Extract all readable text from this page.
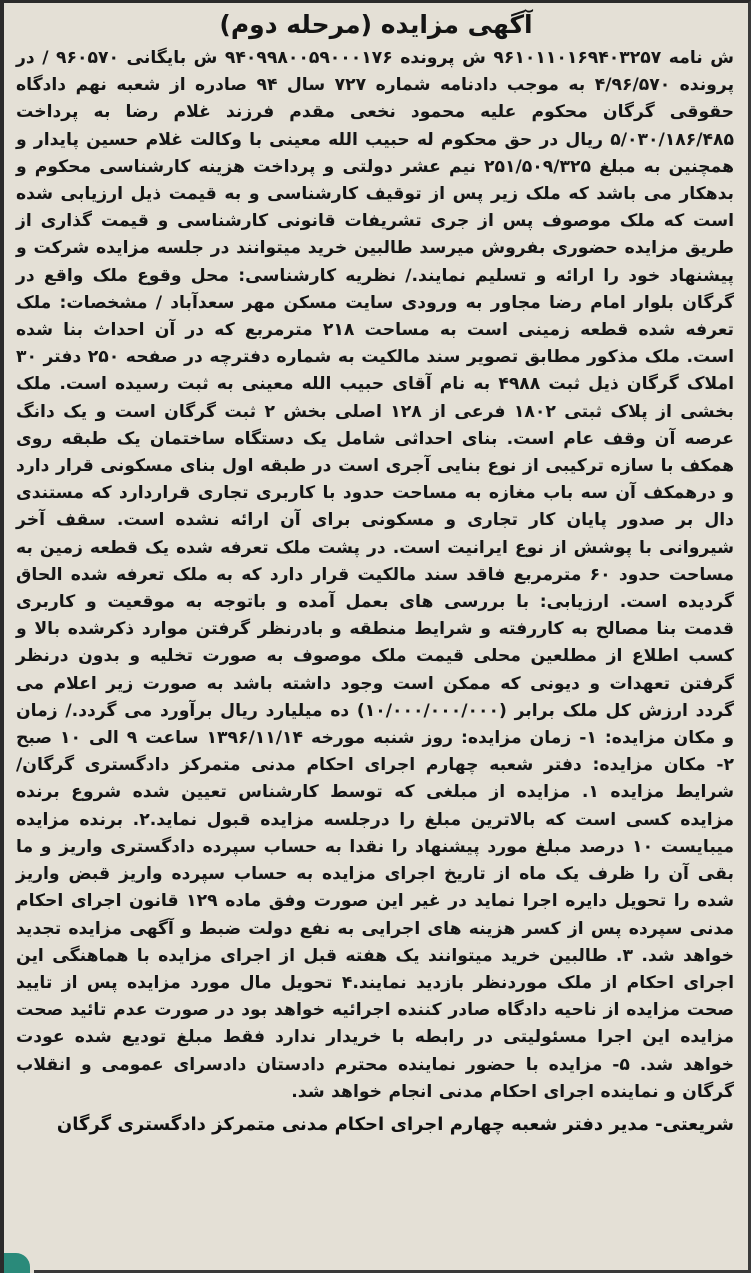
آگهی مزایده (مرحله دوم)

ش نامه ۹۶۱۰۱۱۰۱۶۹۴۰۳۲۵۷ ش پرونده ۹۴۰۹۹۸۰۰۵۹۰۰۰۱۷۶ ش بایگانی ۹۶۰۵۷۰ / در پرونده ۴/۹۶/۵۷۰ به موجب دادنامه شماره ۷۲۷ سال ۹۴ صادره از شعبه نهم دادگاه حقوقی گرگان محکوم علیه محمود نخعی مقدم فرزند غلام رضا به پرداخت ۵/۰۳۰/۱۸۶/۴۸۵ ریال در حق محکوم له حبیب الله معینی با وکالت غلام حسین پایدار و همچنین به مبلغ ۲۵۱/۵۰۹/۳۲۵ نیم عشر دولتی و پرداخت هزینه کارشناسی محکوم و بدهکار می باشد که ملک زیر پس از توقیف کارشناسی و به قیمت ذیل ارزیابی شده است که ملک موصوف پس از جری تشریفات قانونی کارشناسی و قیمت گذاری از طریق مزایده حضوری بفروش میرسد طالبین خرید میتوانند در جلسه مزایده شرکت و پیشنهاد خود را ارائه و تسلیم نمایند./ نظریه کارشناسی: محل وقوع ملک واقع در گرگان بلوار امام رضا مجاور به ورودی سایت مسکن مهر سعدآباد / مشخصات: ملک تعرفه شده قطعه زمینی است به مساحت ۲۱۸ مترمربع که در آن احداث بنا شده است. ملک مذکور مطابق تصویر سند مالکیت به شماره دفترچه در صفحه ۲۵۰ دفتر ۳۰ املاک گرگان ذیل ثبت ۴۹۸۸ به نام آقای حبیب الله معینی به ثبت رسیده است. ملک بخشی از پلاک ثبتی ۱۸۰۲ فرعی از ۱۲۸ اصلی بخش ۲ ثبت گرگان است و یک دانگ عرصه آن وقف عام است. بنای احداثی شامل یک دستگاه ساختمان یک طبقه روی همکف با سازه ترکیبی از نوع بنایی آجری است در طبقه اول بنای مسکونی قرار دارد و درهمکف آن سه باب مغازه به مساحت حدود با کاربری تجاری قراردارد که مستندی دال بر صدور پایان کار تجاری و مسکونی برای آن ارائه نشده است. سقف آخر شیروانی با پوشش از نوع ایرانیت است. در پشت ملک تعرفه شده یک قطعه زمین به مساحت حدود ۶۰ مترمربع فاقد سند مالکیت قرار دارد که به ملک تعرفه شده الحاق گردیده است. ارزیابی: با بررسی های بعمل آمده و باتوجه به موقعیت و کاربری قدمت بنا مصالح به کاررفته و شرایط منطقه و بادرنظر گرفتن موارد ذکرشده بالا و کسب اطلاع از مطلعین محلی قیمت ملک موصوف به صورت تخلیه و بدون درنظر گرفتن تعهدات و دیونی که ممکن است وجود داشته باشد به صورت زیر اعلام می گردد ارزش کل ملک برابر (۱۰/۰۰۰/۰۰۰/۰۰۰) ده میلیارد ریال برآورد می گردد./ زمان و مکان مزایده: ۱- زمان مزایده: روز شنبه مورخه ۱۳۹۶/۱۱/۱۴ ساعت ۹ الی ۱۰ صبح ۲- مکان مزایده: دفتر شعبه چهارم اجرای احکام مدنی متمرکز دادگستری گرگان/ شرایط مزایده ۱. مزایده از مبلغی که توسط کارشناس تعیین شده شروع برنده مزایده کسی است که بالاترین مبلغ را درجلسه مزایده قبول نماید.۲. برنده مزایده میبایست ۱۰ درصد مبلغ مورد پیشنهاد را نقدا به حساب سپرده دادگستری واریز و ما بقی آن را ظرف یک ماه از تاریخ اجرای مزایده به حساب سپرده واریز قبض واریز شده را تحویل دایره اجرا نماید در غیر این صورت وفق ماده ۱۲۹ قانون اجرای احکام مدنی سپرده پس از کسر هزینه های اجرایی به نفع دولت ضبط و آگهی مزایده تجدید خواهد شد. ۳. طالبین خرید میتوانند یک هفته قبل از اجرای مزایده با هماهنگی این اجرای احکام از ملک موردنظر بازدید نمایند.۴ تحویل مال مورد مزایده پس از تایید صحت مزایده از ناحیه دادگاه صادر کننده اجرائیه خواهد بود در صورت عدم تائید صحت مزایده این اجرا مسئولیتی در رابطه با خریدار ندارد فقط مبلغ تودیع شده عودت خواهد شد. ۵- مزایده با حضور نماینده محترم دادستان دادسرای عمومی و انقلاب گرگان و نماینده اجرای احکام مدنی انجام خواهد شد.

شریعتی- مدیر دفتر شعبه چهارم اجرای احکام مدنی متمرکز دادگستری گرگان
